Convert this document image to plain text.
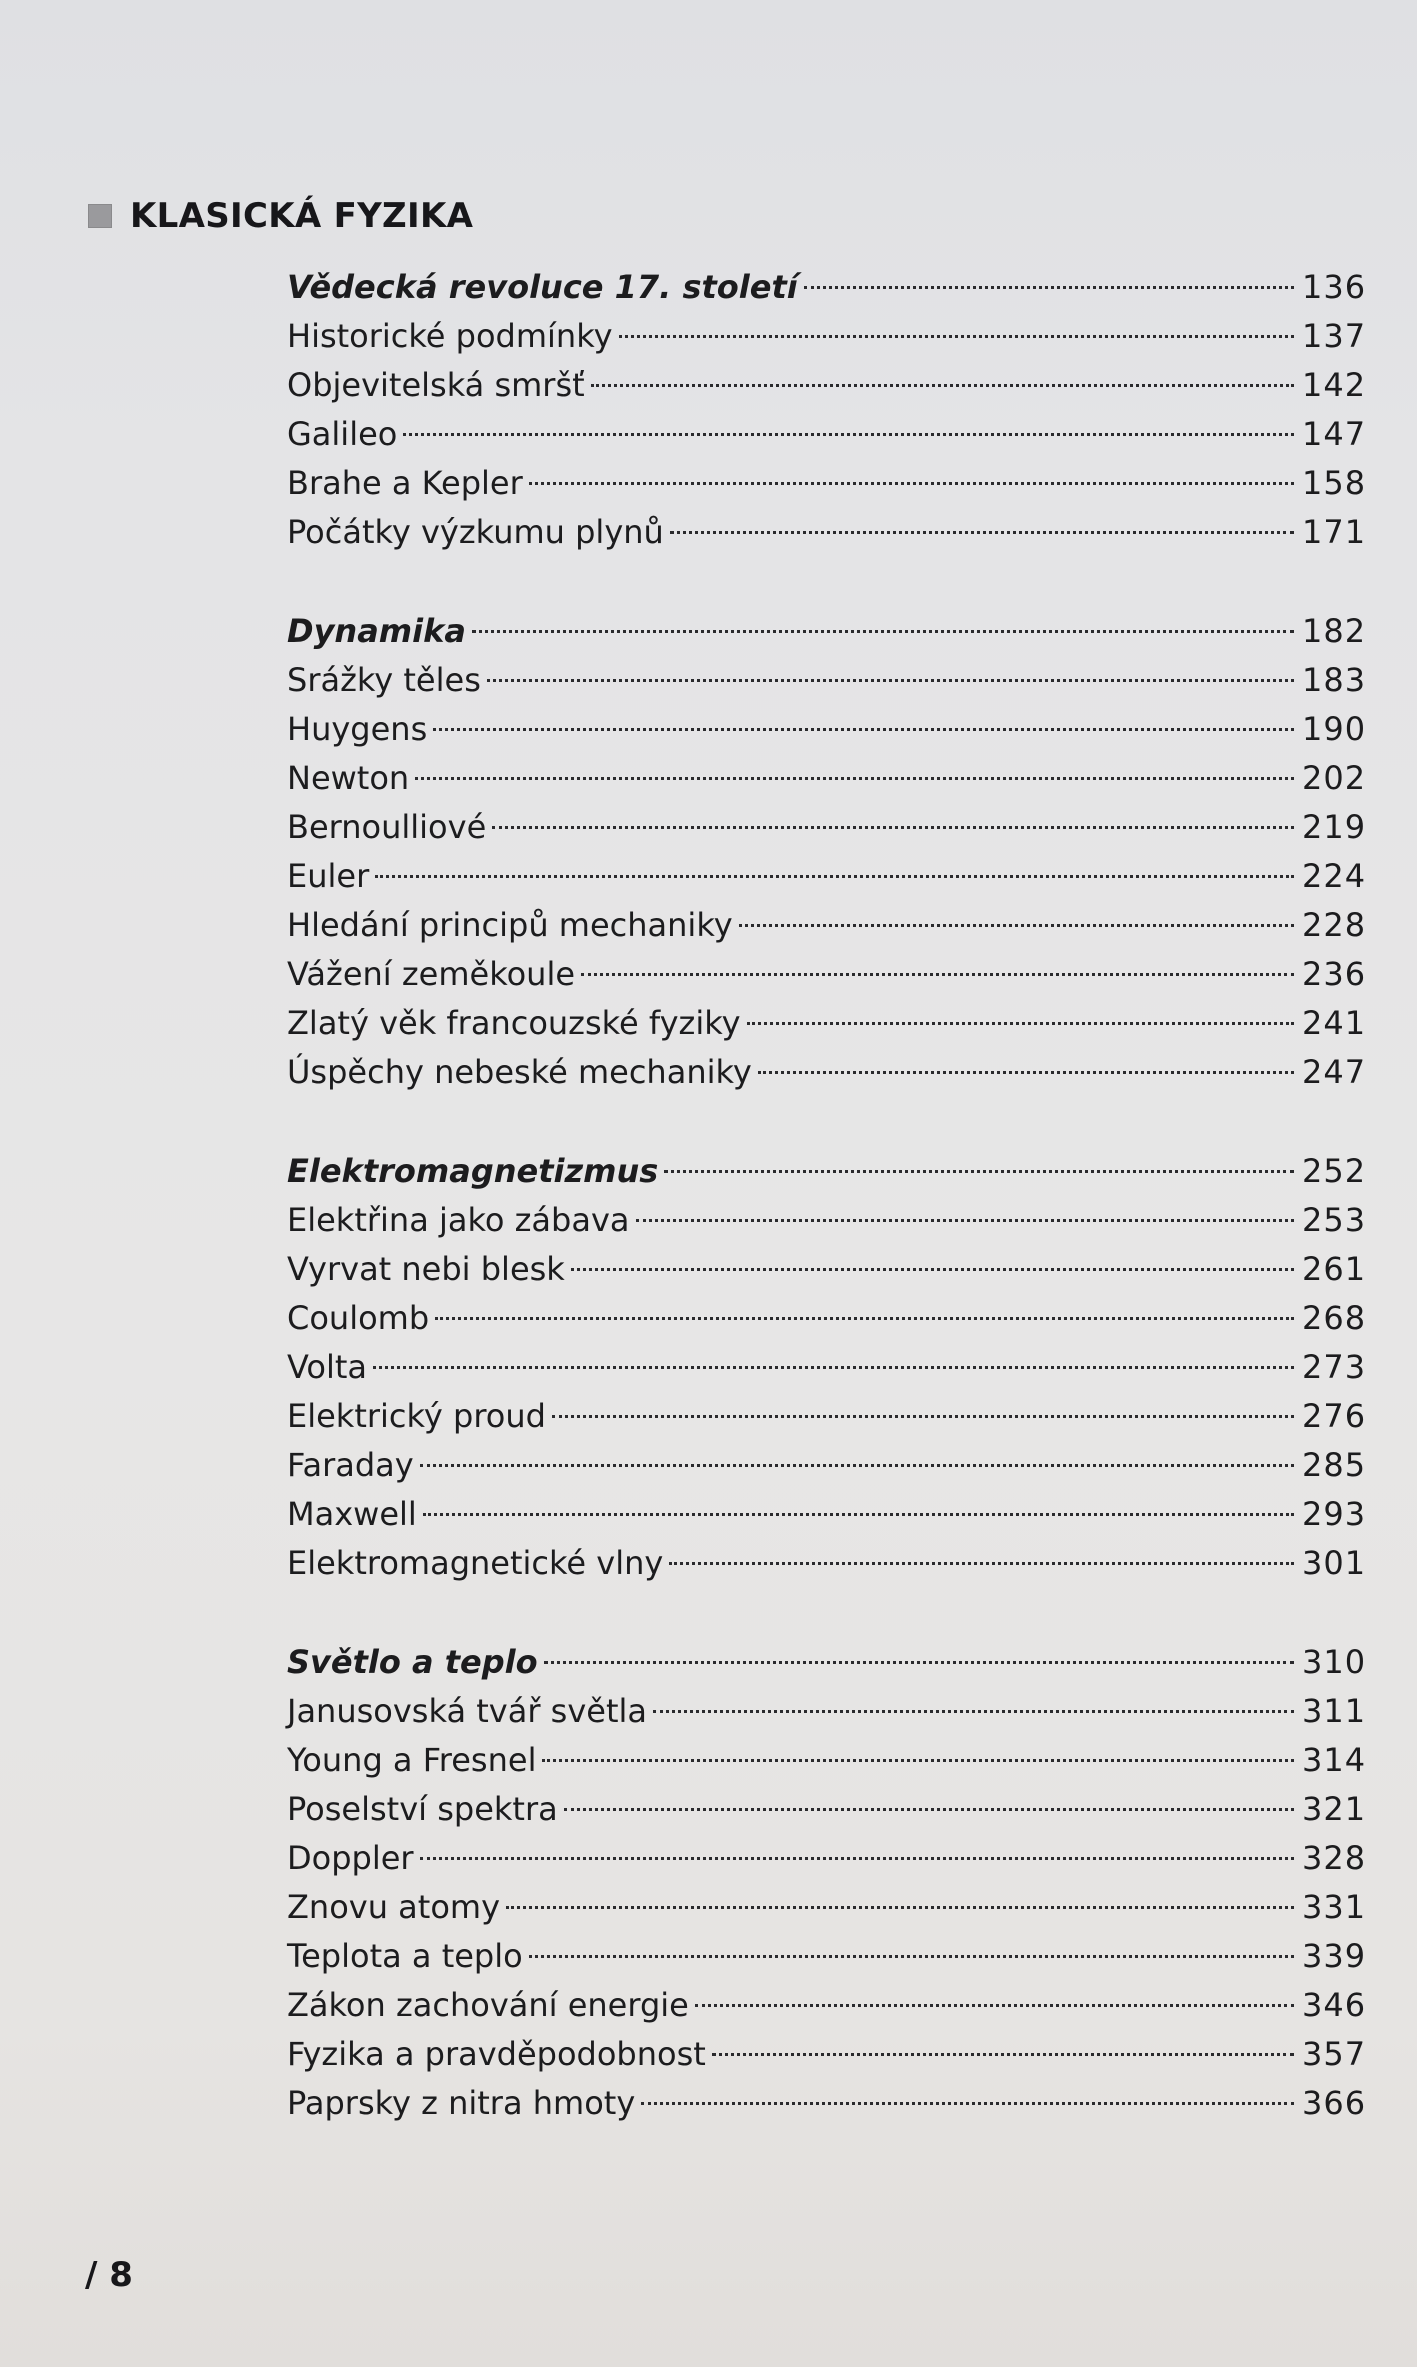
KLASICKÁ FYZIKA
Vědecká revoluce 17. století	136
Historické podmínky	137
Objevitelská smršť	142
Galileo	147
Brahe a Kepler	158
Počátky výzkumu plynů	171
Dynamika	182
Srážky těles	183
Huygens	190
Newton	202
Bernoulliové	219
Euler	224
Hledání principů mechaniky	228
Vážení zeměkoule	236
Zlatý věk francouzské fyziky	241
Úspěchy nebeské mechaniky	247
Elektromagnetizmus	252
Elektřina jako zábava	253
Vyrvat nebi blesk	261
Coulomb	268
Volta	273
Elektrický proud	276
Faraday	285
Maxwell	293
Elektromagnetické vlny	301
Světlo a teplo	310
Janusovská tvář světla	311
Young a Fresnel	314
Poselství spektra	321
Doppler	328
Znovu atomy	331
Teplota a teplo	339
Zákon zachování energie	346
Fyzika a pravděpodobnost	357
Paprsky z nitra hmoty	366
/ 8
